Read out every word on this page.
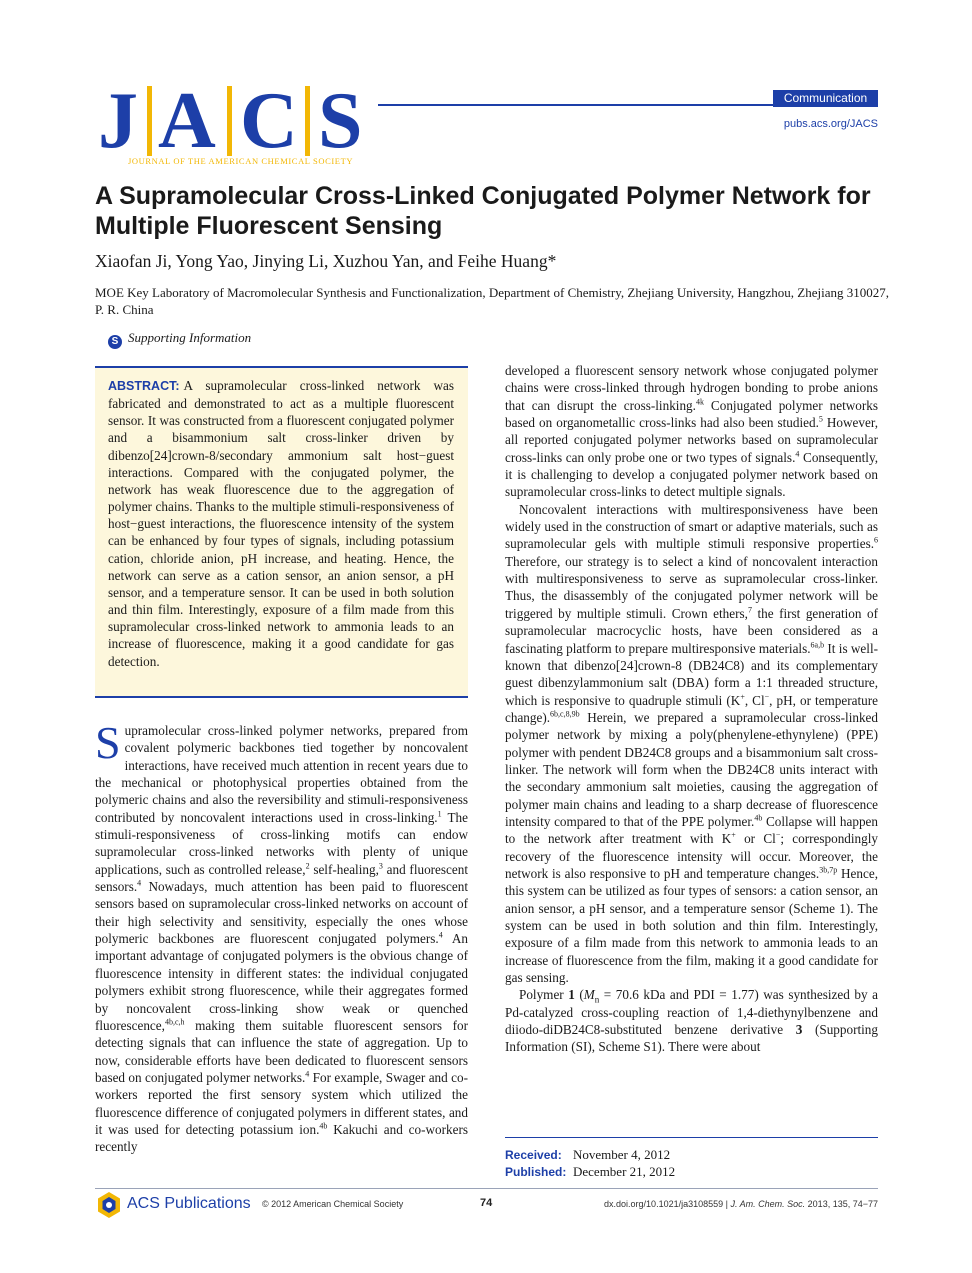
J A C S
JOURNAL OF THE AMERICAN CHEMICAL SOCIETY
Communication
pubs.acs.org/JACS
A Supramolecular Cross-Linked Conjugated Polymer Network for Multiple Fluorescent Sensing
Xiaofan Ji, Yong Yao, Jinying Li, Xuzhou Yan, and Feihe Huang*
MOE Key Laboratory of Macromolecular Synthesis and Functionalization, Department of Chemistry, Zhejiang University, Hangzhou, Zhejiang 310027, P. R. China
S Supporting Information

ABSTRACT: A supramolecular cross-linked network was fabricated and demonstrated to act as a multiple fluorescent sensor. It was constructed from a fluorescent conjugated polymer and a bisammonium salt cross-linker driven by dibenzo[24]crown-8/secondary ammonium salt host−guest interactions. Compared with the conjugated polymer, the network has weak fluorescence due to the aggregation of polymer chains. Thanks to the multiple stimuli-responsiveness of host−guest interactions, the fluorescence intensity of the system can be enhanced by four types of signals, including potassium cation, chloride anion, pH increase, and heating. Hence, the network can serve as a cation sensor, an anion sensor, a pH sensor, and a temperature sensor. It can be used in both solution and thin film. Interestingly, exposure of a film made from this supramolecular cross-linked network to ammonia leads to an increase of fluorescence, making it a good candidate for gas detection.

Supramolecular cross-linked polymer networks, prepared from covalent polymeric backbones tied together by noncovalent interactions, have received much attention in recent years due to the mechanical or photophysical properties obtained from the polymeric chains and also the reversibility and stimuli-responsiveness contributed by noncovalent interactions used in cross-linking.$^1$ The stimuli-responsiveness of cross-linking motifs can endow supramolecular cross-linked networks with plenty of unique applications, such as controlled release,$^2$ self-healing,$^3$ and fluorescent sensors.$^4$ Nowadays, much attention has been paid to fluorescent sensors based on supramolecular cross-linked networks on account of their high selectivity and sensitivity, especially the ones whose polymeric backbones are fluorescent conjugated polymers.$^4$ An important advantage of conjugated polymers is the obvious change of fluorescence intensity in different states: the individual conjugated polymers exhibit strong fluorescence, while their aggregates formed by noncovalent cross-linking show weak or quenched fluorescence,$^{4b,c,h}$ making them suitable fluorescent sensors for detecting signals that can influence the state of aggregation. Up to now, considerable efforts have been dedicated to fluorescent sensors based on conjugated polymer networks.$^4$ For example, Swager and co-workers reported the first sensory system which utilized the fluorescence difference of conjugated polymers in different states, and it was used for detecting potassium ion.$^{4b}$ Kakuchi and co-workers recently

developed a fluorescent sensory network whose conjugated polymer chains were cross-linked through hydrogen bonding to probe anions that can disrupt the cross-linking.$^{4k}$ Conjugated polymer networks based on organometallic cross-links had also been studied.$^5$ However, all reported conjugated polymer networks based on supramolecular cross-links can only probe one or two types of signals.$^4$ Consequently, it is challenging to develop a conjugated polymer network based on supramolecular cross-links to detect multiple signals.

Noncovalent interactions with multiresponsiveness have been widely used in the construction of smart or adaptive materials, such as supramolecular gels with multiple stimuli responsive properties.$^6$ Therefore, our strategy is to select a kind of noncovalent interaction with multiresponsiveness to serve as supramolecular cross-linker. Thus, the disassembly of the conjugated polymer network will be triggered by multiple stimuli. Crown ethers,$^7$ the first generation of supramolecular macrocyclic hosts, have been considered as a fascinating platform to prepare multiresponsive materials.$^{6a,b}$ It is well-known that dibenzo[24]crown-8 (DB24C8) and its complementary guest dibenzylammonium salt (DBA) form a 1:1 threaded structure, which is responsive to quadruple stimuli (K+, Cl−, pH, or temperature change).$^{6b,c,8,9b}$ Herein, we prepared a supramolecular cross-linked polymer network by mixing a poly(phenylene-ethynylene) (PPE) polymer with pendent DB24C8 groups and a bisammonium salt cross-linker. The network will form when the DB24C8 units interact with the secondary ammonium salt moieties, causing the aggregation of polymer main chains and leading to a sharp decrease of fluorescence intensity compared to that of the PPE polymer.$^{4b}$ Collapse will happen to the network after treatment with K+ or Cl−; correspondingly recovery of the fluorescence intensity will occur. Moreover, the network is also responsive to pH and temperature changes.$^{3b,7p}$ Hence, this system can be utilized as four types of sensors: a cation sensor, an anion sensor, a pH sensor, and a temperature sensor (Scheme 1). The system can be used in both solution and thin film. Interestingly, exposure of a film made from this network to ammonia leads to an increase of fluorescence from the film, making it a good candidate for gas sensing.

Polymer 1 ($M_n = 70.6$ kDa and PDI = 1.77) was synthesized by a Pd-catalyzed cross-coupling reaction of 1,4-diethynylbenzene and diiodo-diDB24C8-substituted benzene derivative 3 (Supporting Information (SI), Scheme S1). There were about

Received: November 4, 2012
Published: December 21, 2012
ACS Publications © 2012 American Chemical Society	74	dx.doi.org/10.1021/ja3108559 | J. Am. Chem. Soc. 2013, 135, 74−77
